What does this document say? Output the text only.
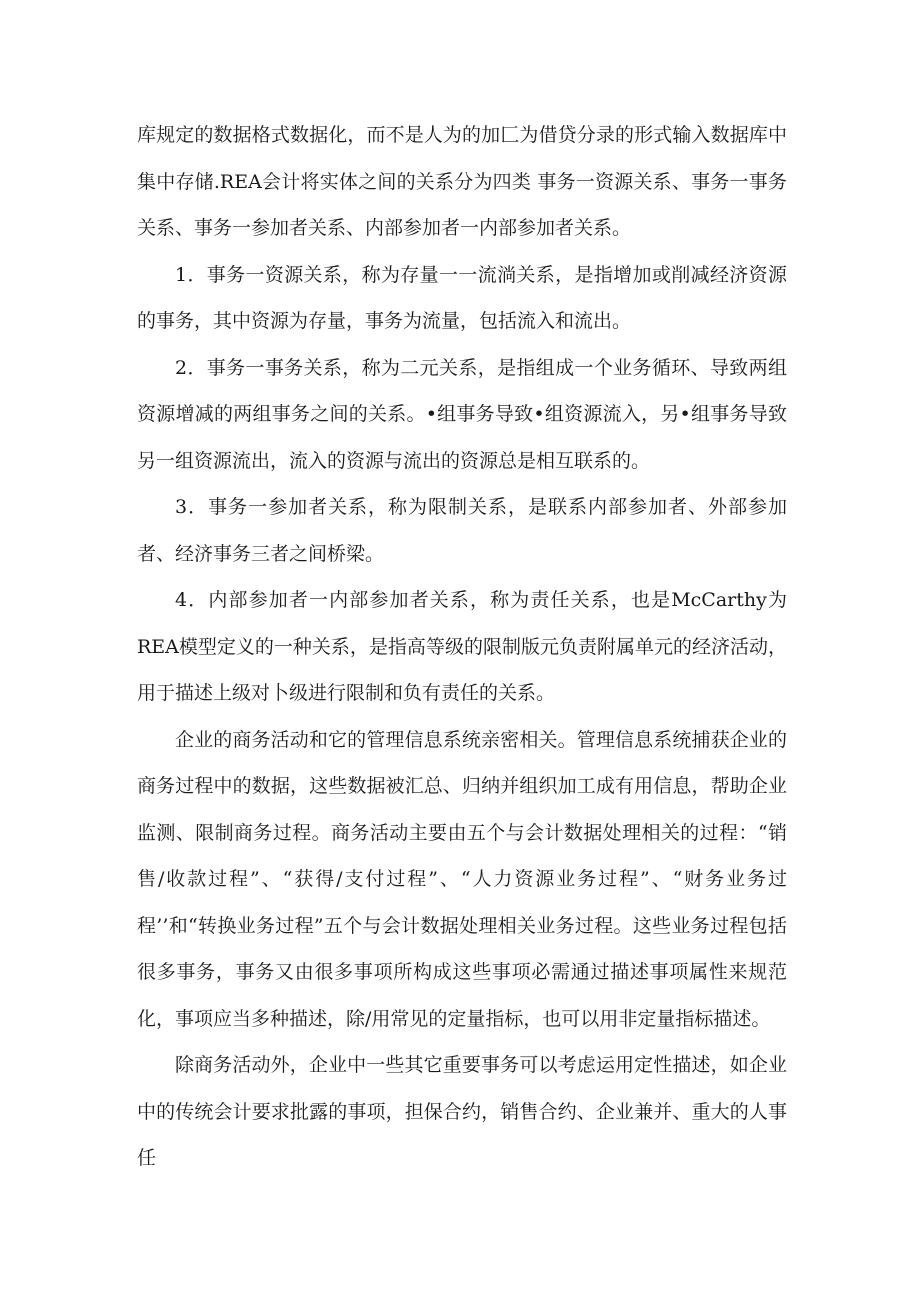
库规定的数据格式数据化，而不是人为的加匚为借贷分录的形式输入数据库中集中存储.REA会计将实体之间的关系分为四类 事务一资源关系、事务一事务关系、事务一参加者关系、内部参加者一内部参加者关系。

1．事务一资源关系，称为存量一一流淌关系，是指增加或削减经济资源的事务，其中资源为存量，事务为流量，包括流入和流出。

2．事务一事务关系，称为二元关系，是指组成一个业务循环、导致两组资源增减的两组事务之间的关系。•组事务导致•组资源流入，另•组事务导致另一组资源流出，流入的资源与流出的资源总是相互联系的。

3．事务一参加者关系，称为限制关系，是联系内部参加者、外部参加者、经济事务三者之间桥梁。

4．内部参加者一内部参加者关系，称为责任关系，也是McCarthy为REA模型定义的一种关系，是指高等级的限制版元负责附属单元的经济活动，用于描述上级对卜级进行限制和负有责任的关系。

企业的商务活动和它的管理信息系统亲密相关。管理信息系统捕获企业的商务过程中的数据，这些数据被汇总、归纳并组织加工成有用信息，帮助企业监测、限制商务过程。商务活动主要由五个与会计数据处理相关的过程：“销售/收款过程”、“获得/支付过程”、“人力资源业务过程”、“财务业务过程’’和“转换业务过程”五个与会计数据处理相关业务过程。这些业务过程包括很多事务，事务又由很多事项所构成这些事项必需通过描述事项属性来规范化，事项应当多种描述，除/用常见的定量指标，也可以用非定量指标描述。

除商务活动外，企业中一些其它重要事务可以考虑运用定性描述，如企业中的传统会计要求批露的事项，担保合约，销售合约、企业兼并、重大的人事任
